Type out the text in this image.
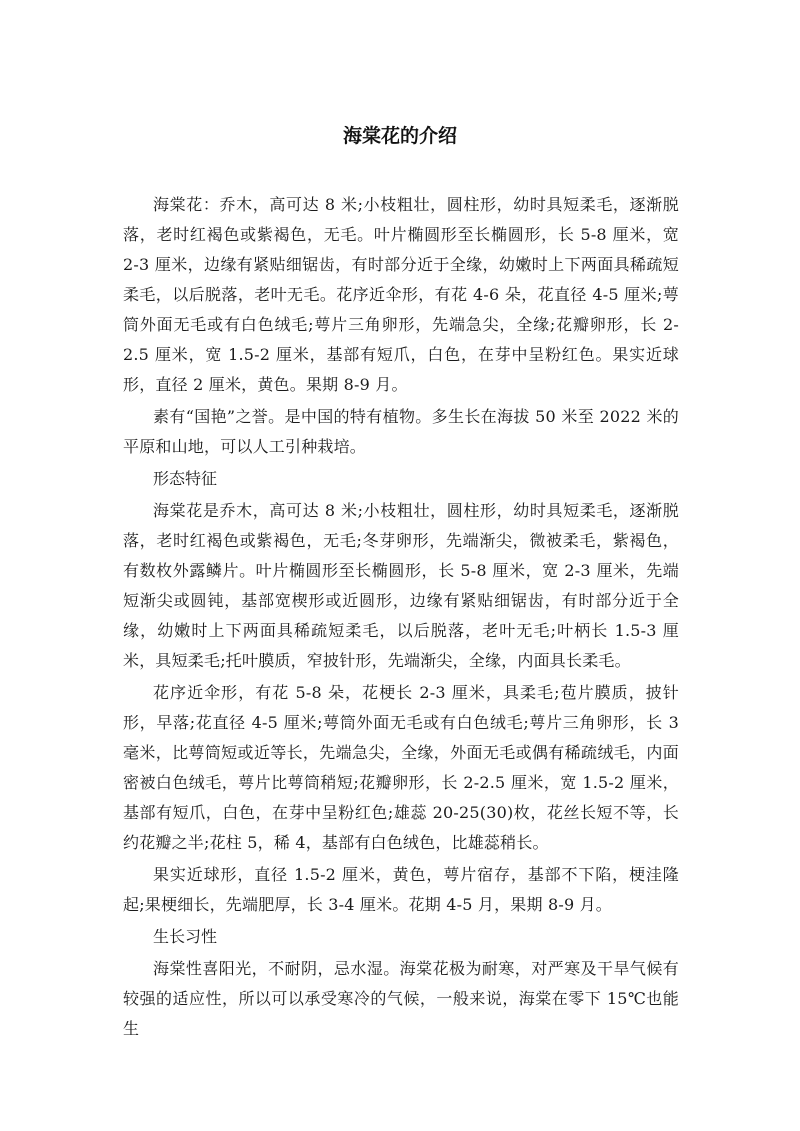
海棠花的介绍

海棠花：乔木，高可达 8 米;小枝粗壮，圆柱形，幼时具短柔毛，逐渐脱落，老时红褐色或紫褐色，无毛。叶片椭圆形至长椭圆形，长 5-8 厘米，宽 2-3 厘米，边缘有紧贴细锯齿，有时部分近于全缘，幼嫩时上下两面具稀疏短柔毛，以后脱落，老叶无毛。花序近伞形，有花 4-6 朵，花直径 4-5 厘米;萼筒外面无毛或有白色绒毛;萼片三角卵形，先端急尖，全缘;花瓣卵形，长 2-2.5 厘米，宽 1.5-2 厘米，基部有短爪，白色，在芽中呈粉红色。果实近球形，直径 2 厘米，黄色。果期 8-9 月。

素有“国艳”之誉。是中国的特有植物。多生长在海拔 50 米至 2022 米的平原和山地，可以人工引种栽培。

形态特征

海棠花是乔木，高可达 8 米;小枝粗壮，圆柱形，幼时具短柔毛，逐渐脱落，老时红褐色或紫褐色，无毛;冬芽卵形，先端渐尖，微被柔毛，紫褐色，有数枚外露鳞片。叶片椭圆形至长椭圆形，长 5-8 厘米，宽 2-3 厘米，先端短渐尖或圆钝，基部宽楔形或近圆形，边缘有紧贴细锯齿，有时部分近于全缘，幼嫩时上下两面具稀疏短柔毛，以后脱落，老叶无毛;叶柄长 1.5-3 厘米，具短柔毛;托叶膜质，窄披针形，先端渐尖，全缘，内面具长柔毛。

花序近伞形，有花 5-8 朵，花梗长 2-3 厘米，具柔毛;苞片膜质，披针形，早落;花直径 4-5 厘米;萼筒外面无毛或有白色绒毛;萼片三角卵形，长 3 毫米，比萼筒短或近等长，先端急尖，全缘，外面无毛或偶有稀疏绒毛，内面密被白色绒毛，萼片比萼筒稍短;花瓣卵形，长 2-2.5 厘米，宽 1.5-2 厘米，基部有短爪，白色，在芽中呈粉红色;雄蕊 20-25(30)枚，花丝长短不等，长约花瓣之半;花柱 5，稀 4，基部有白色绒色，比雄蕊稍长。

果实近球形，直径 1.5-2 厘米，黄色，萼片宿存，基部不下陷，梗洼隆起;果梗细长，先端肥厚，长 3-4 厘米。花期 4-5 月，果期 8-9 月。

生长习性

海棠性喜阳光，不耐阴，忌水湿。海棠花极为耐寒，对严寒及干旱气候有较强的适应性，所以可以承受寒冷的气候，一般来说，海棠在零下 15℃也能生
